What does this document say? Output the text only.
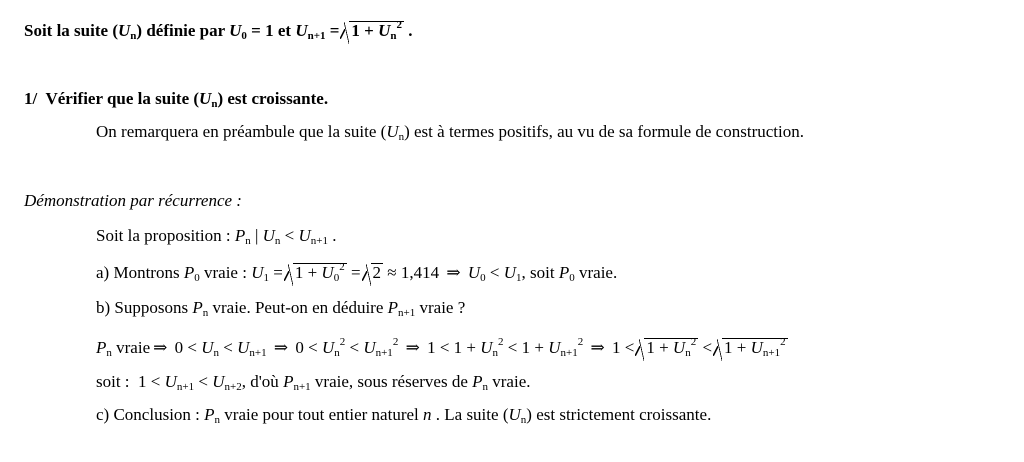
Soit la suite $(U_n)$ définie par $U_0 = 1$ et $U_{n+1} = 1 + U_n^2$ .
1/ Vérifier que la suite $(U_n)$ est croissante.
On remarquera en préambule que la suite $(U_n)$ est à termes positifs, au vu de sa formule de construction.
Démonstration par récurrence :
Soit la proposition : $P_n$ | $U_n < U_{n+1}$ .
a) Montrons $P_0$ vraie : $U_1 = 1 + U_0^2 = 2 \approx 1,414$ ⇒ $U_0 < U_1$, soit $P_0$ vraie.
b) Supposons $P_n$ vraie. Peut-on en déduire $P_{n+1}$ vraie ?
$P_n$ vraie ⇒ $0 < U_n < U_{n+1}$ ⇒ $0 < U_n^2 < U_{n+1}^2$ ⇒ $1 < 1 + U_n^2 < 1 + U_{n+1}^2$ ⇒ $1 < 1 + U_n^2 < 1 + U_{n+1}^2$
soit :  $1 < U_{n+1} < U_{n+2}$, d'où $P_{n+1}$ vraie, sous réserves de $P_n$ vraie.
c) Conclusion : $P_n$ vraie pour tout entier naturel n . La suite $(U_n)$ est strictement croissante.
